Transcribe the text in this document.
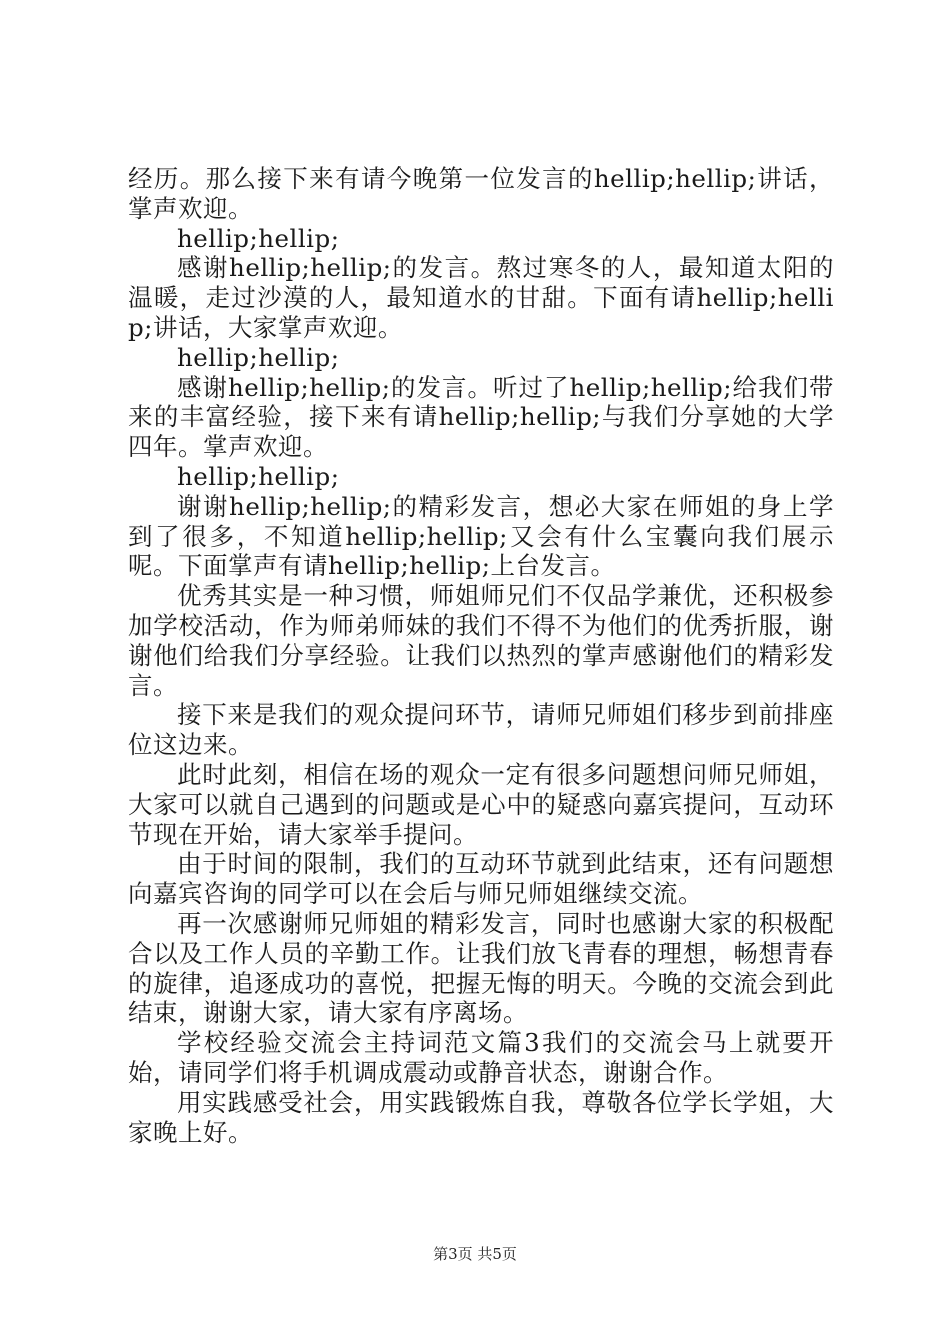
经历。那么接下来有请今晚第一位发言的hellip;hellip;讲话，掌声欢迎。

hellip;hellip;

感谢hellip;hellip;的发言。熬过寒冬的人，最知道太阳的温暖，走过沙漠的人，最知道水的甘甜。下面有请hellip;hellip;讲话，大家掌声欢迎。

hellip;hellip;

感谢hellip;hellip;的发言。听过了hellip;hellip;给我们带来的丰富经验，接下来有请hellip;hellip;与我们分享她的大学四年。掌声欢迎。

hellip;hellip;

谢谢hellip;hellip;的精彩发言，想必大家在师姐的身上学到了很多，不知道hellip;hellip;又会有什么宝囊向我们展示呢。下面掌声有请hellip;hellip;上台发言。

优秀其实是一种习惯，师姐师兄们不仅品学兼优，还积极参加学校活动，作为师弟师妹的我们不得不为他们的优秀折服，谢谢他们给我们分享经验。让我们以热烈的掌声感谢他们的精彩发言。

接下来是我们的观众提问环节，请师兄师姐们移步到前排座位这边来。

此时此刻，相信在场的观众一定有很多问题想问师兄师姐，大家可以就自己遇到的问题或是心中的疑惑向嘉宾提问，互动环节现在开始，请大家举手提问。

由于时间的限制，我们的互动环节就到此结束，还有问题想向嘉宾咨询的同学可以在会后与师兄师姐继续交流。

再一次感谢师兄师姐的精彩发言，同时也感谢大家的积极配合以及工作人员的辛勤工作。让我们放飞青春的理想，畅想青春的旋律，追逐成功的喜悦，把握无悔的明天。今晚的交流会到此结束，谢谢大家，请大家有序离场。

学校经验交流会主持词范文篇3我们的交流会马上就要开始，请同学们将手机调成震动或静音状态，谢谢合作。

用实践感受社会，用实践锻炼自我，尊敬各位学长学姐，大家晚上好。

第3页 共5页
